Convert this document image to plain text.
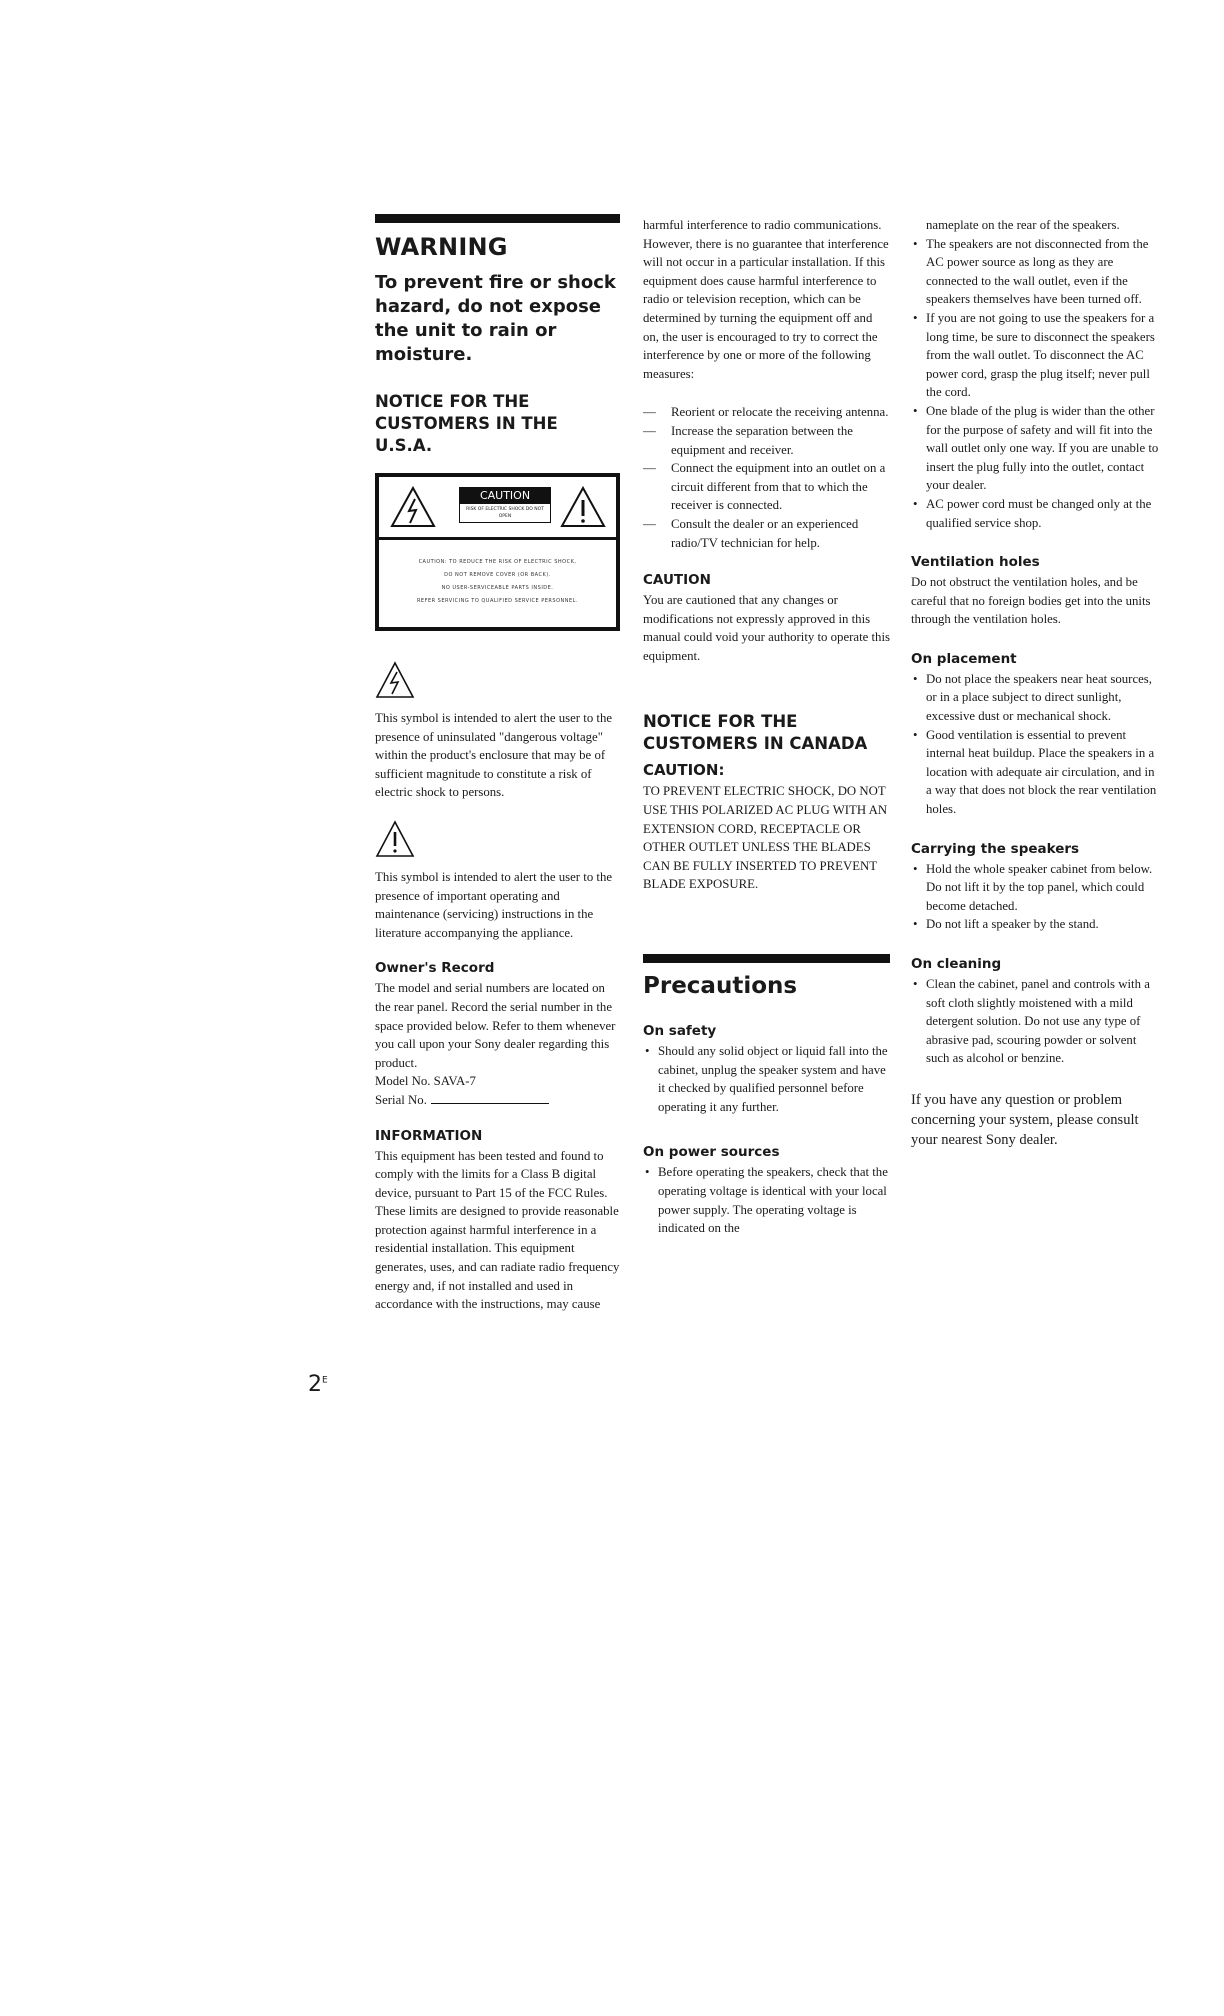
WARNING

To prevent fire or shock hazard, do not expose the unit to rain or moisture.

NOTICE FOR THE CUSTOMERS IN THE U.S.A.

CAUTION
RISK OF ELECTRIC SHOCK DO NOT OPEN
CAUTION: TO REDUCE THE RISK OF ELECTRIC SHOCK,
DO NOT REMOVE COVER (OR BACK).
NO USER-SERVICEABLE PARTS INSIDE.
REFER SERVICING TO QUALIFIED SERVICE PERSONNEL.

This symbol is intended to alert the user to the presence of uninsulated "dangerous voltage" within the product's enclosure that may be of sufficient magnitude to constitute a risk of electric shock to persons.

This symbol is intended to alert the user to the presence of important operating and maintenance (servicing) instructions in the literature accompanying the appliance.

Owner's Record

The model and serial numbers are located on the rear panel. Record the serial number in the space provided below. Refer to them whenever you call upon your Sony dealer regarding this product.

Model No. SAVA-7

Serial No.

INFORMATION

This equipment has been tested and found to comply with the limits for a Class B digital device, pursuant to Part 15 of the FCC Rules. These limits are designed to provide reasonable protection against harmful interference in a residential installation. This equipment generates, uses, and can radiate radio frequency energy and, if not installed and used in accordance with the instructions, may cause

harmful interference to radio communications. However, there is no guarantee that interference will not occur in a particular installation. If this equipment does cause harmful interference to radio or television reception, which can be determined by turning the equipment off and on, the user is encouraged to try to correct the interference by one or more of the following measures:

— Reorient or relocate the receiving antenna.
— Increase the separation between the equipment and receiver.
— Connect the equipment into an outlet on a circuit different from that to which the receiver is connected.
— Consult the dealer or an experienced radio/TV technician for help.
CAUTION

You are cautioned that any changes or modifications not expressly approved in this manual could void your authority to operate this equipment.

NOTICE FOR THE CUSTOMERS IN CANADA

CAUTION:

TO PREVENT ELECTRIC SHOCK, DO NOT USE THIS POLARIZED AC PLUG WITH AN EXTENSION CORD, RECEPTACLE OR OTHER OUTLET UNLESS THE BLADES CAN BE FULLY INSERTED TO PREVENT BLADE EXPOSURE.

Precautions
On safety
• Should any solid object or liquid fall into the cabinet, unplug the speaker system and have it checked by qualified personnel before operating it any further.
On power sources
• Before operating the speakers, check that the operating voltage is identical with your local power supply. The operating voltage is indicated on the

nameplate on the rear of the speakers.

• The speakers are not disconnected from the AC power source as long as they are connected to the wall outlet, even if the speakers themselves have been turned off.
• If you are not going to use the speakers for a long time, be sure to disconnect the speakers from the wall outlet. To disconnect the AC power cord, grasp the plug itself; never pull the cord.
• One blade of the plug is wider than the other for the purpose of safety and will fit into the wall outlet only one way. If you are unable to insert the plug fully into the outlet, contact your dealer.
• AC power cord must be changed only at the qualified service shop.
Ventilation holes

Do not obstruct the ventilation holes, and be careful that no foreign bodies get into the units through the ventilation holes.

On placement
• Do not place the speakers near heat sources, or in a place subject to direct sunlight, excessive dust or mechanical shock.
• Good ventilation is essential to prevent internal heat buildup. Place the speakers in a location with adequate air circulation, and in a way that does not block the rear ventilation holes.
Carrying the speakers
• Hold the whole speaker cabinet from below. Do not lift it by the top panel, which could become detached.
• Do not lift a speaker by the stand.
On cleaning
• Clean the cabinet, panel and controls with a soft cloth slightly moistened with a mild detergent solution. Do not use any type of abrasive pad, scouring powder or solvent such as alcohol or benzine.

If you have any question or problem concerning your system, please consult your nearest Sony dealer.

$2^E$
